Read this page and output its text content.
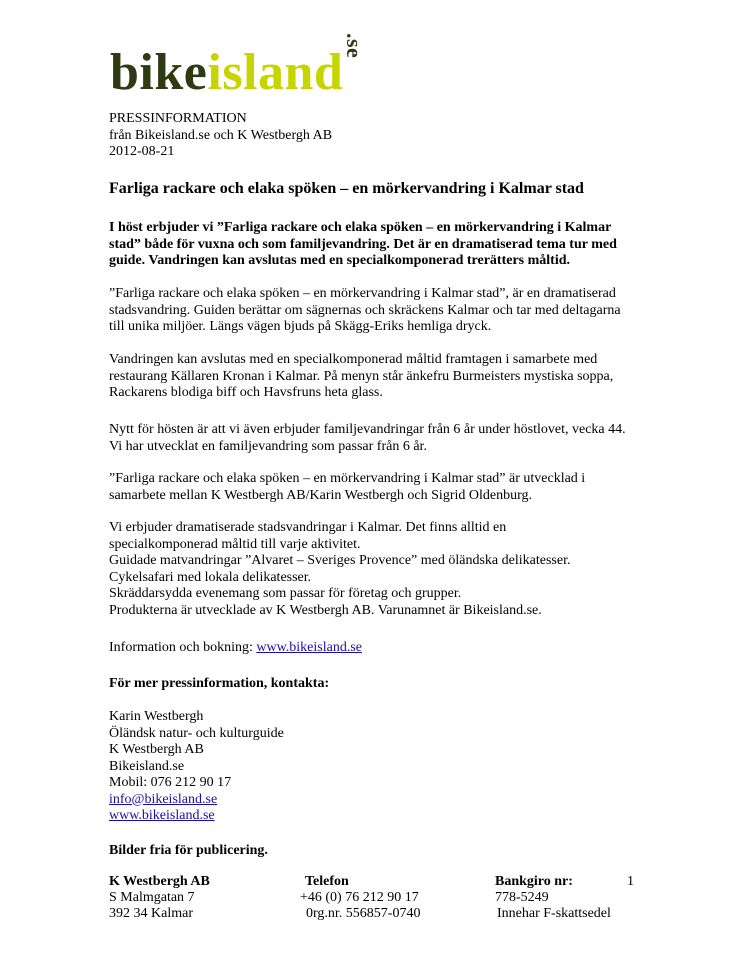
bikeisland.se
PRESSINFORMATION
från Bikeisland.se och K Westbergh AB
2012-08-21
Farliga rackare och elaka spöken – en mörkervandring i Kalmar stad
I höst erbjuder vi ”Farliga rackare och elaka spöken – en mörkervandring i Kalmar stad” både för vuxna och som familjevandring. Det är en dramatiserad tema tur med guide. Vandringen kan avslutas med en specialkomponerad trerätters måltid.
”Farliga rackare och elaka spöken – en mörkervandring i Kalmar stad”, är en dramatiserad stadsvandring. Guiden berättar om sägnernas och skräckens Kalmar och tar med deltagarna till unika miljöer. Längs vägen bjuds på Skägg-Eriks hemliga dryck.
Vandringen kan avslutas med en specialkomponerad måltid framtagen i samarbete med restaurang Källaren Kronan i Kalmar. På menyn står änkefru Burmeisters mystiska soppa, Rackarens blodiga biff och Havsfruns heta glass.
Nytt för hösten är att vi även erbjuder familjevandringar från 6 år under höstlovet, vecka 44. Vi har utvecklat en familjevandring som passar från 6 år.
”Farliga rackare och elaka spöken – en mörkervandring i Kalmar stad” är utvecklad i samarbete mellan K Westbergh AB/Karin Westbergh och Sigrid Oldenburg.
Vi erbjuder dramatiserade stadsvandringar i Kalmar. Det finns alltid en
specialkomponerad måltid till varje aktivitet.
Guidade matvandringar ”Alvaret – Sveriges Provence” med öländska delikatesser.
Cykelsafari med lokala delikatesser.
Skräddarsydda evenemang som passar för företag och grupper.
Produkterna är utvecklade av K Westbergh AB. Varunamnet är Bikeisland.se.
Information och bokning: www.bikeisland.se
För mer pressinformation, kontakta:
Karin Westbergh
Öländsk natur- och kulturguide
K Westbergh AB
Bikeisland.se
Mobil: 076 212 90 17
info@bikeisland.se
www.bikeisland.se
Bilder fria för publicering.
K Westbergh AB
S Malmgatan 7
392 34 Kalmar
Telefon
+46 (0) 76 212 90 17
0rg.nr. 556857-0740
Bankgiro nr:
778-5249
Innehar F-skattsedel
1
